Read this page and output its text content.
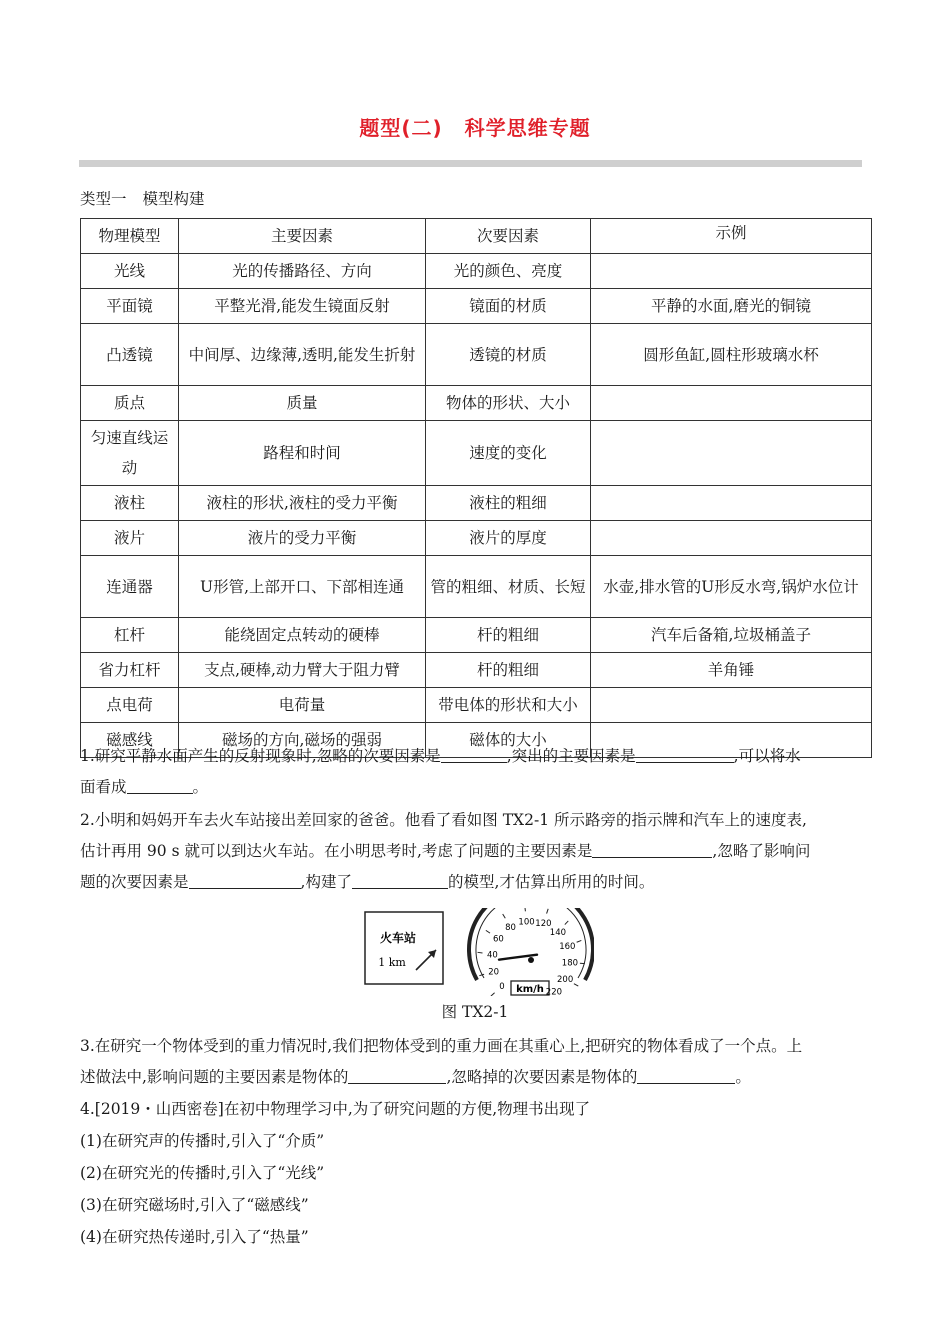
题型(二) 科学思维专题
类型一 模型构建
物理模型	主要因素	次要因素	示例
光线	光的传播路径、方向	光的颜色、亮度	
平面镜	平整光滑,能发生镜面反射	镜面的材质	平静的水面,磨光的铜镜
凸透镜	中间厚、边缘薄,透明,能发生折射	透镜的材质	圆形鱼缸,圆柱形玻璃水杯
质点	质量	物体的形状、大小	
匀速直线运动	路程和时间	速度的变化	
液柱	液柱的形状,液柱的受力平衡	液柱的粗细	
液片	液片的受力平衡	液片的厚度	
连通器	U形管,上部开口、下部相连通	管的粗细、材质、长短	水壶,排水管的U形反水弯,锅炉水位计
杠杆	能绕固定点转动的硬棒	杆的粗细	汽车后备箱,垃圾桶盖子
省力杠杆	支点,硬棒,动力臂大于阻力臂	杆的粗细	羊角锤
点电荷	电荷量	带电体的形状和大小	
磁感线	磁场的方向,磁场的强弱	磁体的大小	
1.研究平静水面产生的反射现象时,忽略的次要因素是	,突出的主要因素是	,可以将水
面看成	。
2.小明和妈妈开车去火车站接出差回家的爸爸。他看了看如图 TX2-1 所示路旁的指示牌和汽车上的速度表,
估计再用 90 s 就可以到达火车站。在小明思考时,考虑了问题的主要因素是	,忽略了影响问
题的次要因素是	,构建了	的模型,才估算出所用的时间。
火车站
1 km
km/h
0
20
40
60
80
100 120
140
160
180
200
220
图 TX2-1
3.在研究一个物体受到的重力情况时,我们把物体受到的重力画在其重心上,把研究的物体看成了一个点。上
述做法中,影响问题的主要因素是物体的	,忽略掉的次要因素是物体的	。
4.[2019・山西密卷]在初中物理学习中,为了研究问题的方便,物理书出现了
(1)在研究声的传播时,引入了“介质”
(2)在研究光的传播时,引入了“光线”
(3)在研究磁场时,引入了“磁感线”
(4)在研究热传递时,引入了“热量”
